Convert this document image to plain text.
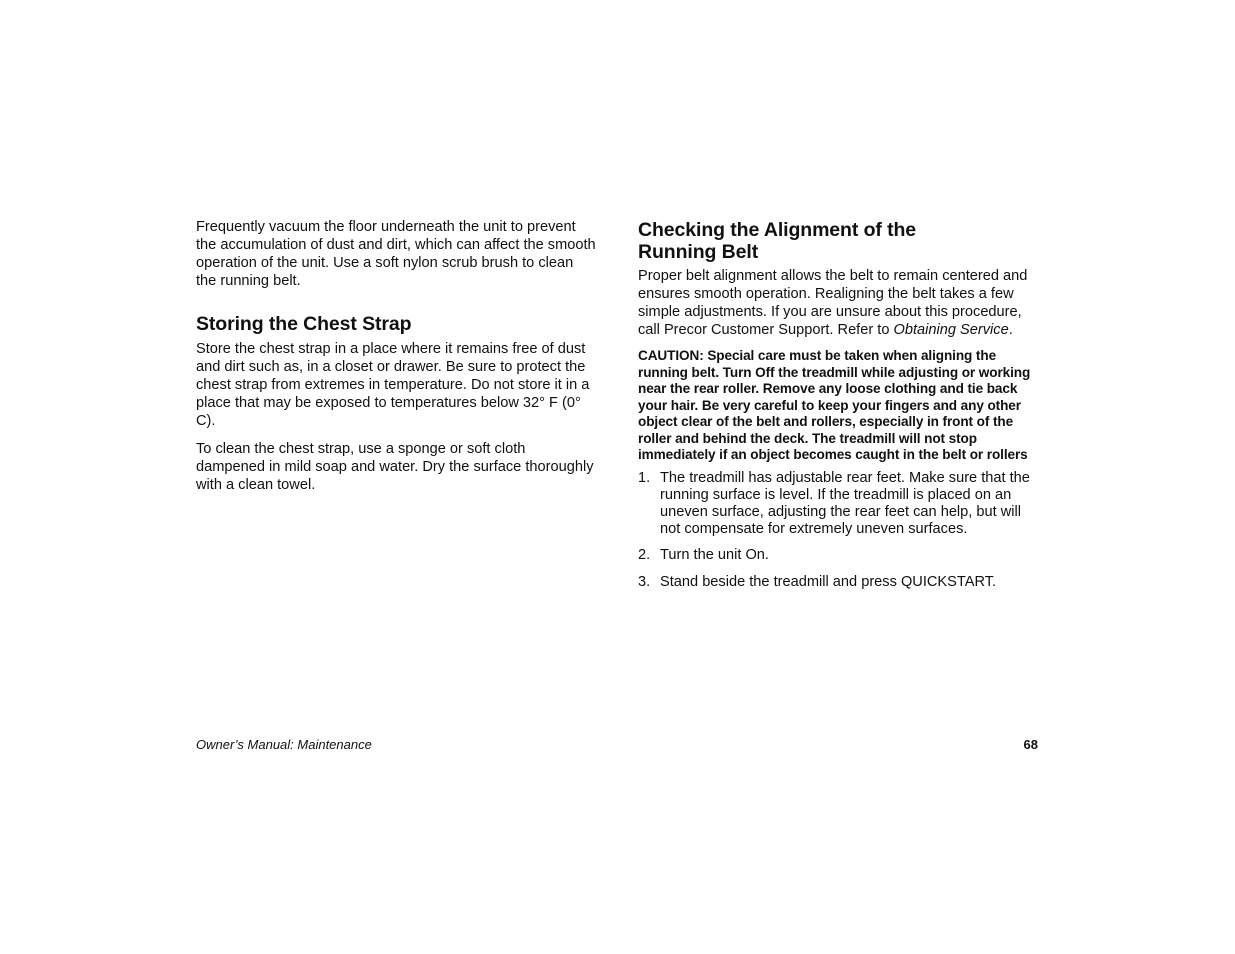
Frequently vacuum the floor underneath the unit to prevent the accumulation of dust and dirt, which can affect the smooth operation of the unit. Use a soft nylon scrub brush to clean the running belt.

Storing the Chest Strap

Store the chest strap in a place where it remains free of dust and dirt such as, in a closet or drawer. Be sure to protect the chest strap from extremes in temperature. Do not store it in a place that may be exposed to temperatures below 32° F (0° C).

To clean the chest strap, use a sponge or soft cloth dampened in mild soap and water. Dry the surface thoroughly with a clean towel.

Checking the Alignment of the
Running Belt

Proper belt alignment allows the belt to remain centered and ensures smooth operation. Realigning the belt takes a few simple adjustments. If you are unsure about this procedure, call Precor Customer Support. Refer to Obtaining Service.

CAUTION: Special care must be taken when aligning the running belt. Turn Off the treadmill while adjusting or working near the rear roller. Remove any loose clothing and tie back your hair. Be very careful to keep your fingers and any other object clear of the belt and rollers, especially in front of the roller and behind the deck. The treadmill will not stop immediately if an object becomes caught in the belt or rollers

1. The treadmill has adjustable rear feet. Make sure that the running surface is level. If the treadmill is placed on an uneven surface, adjusting the rear feet can help, but will not compensate for extremely uneven surfaces.
2. Turn the unit On.
3. Stand beside the treadmill and press QUICKSTART.
Owner’s Manual: Maintenance	68
